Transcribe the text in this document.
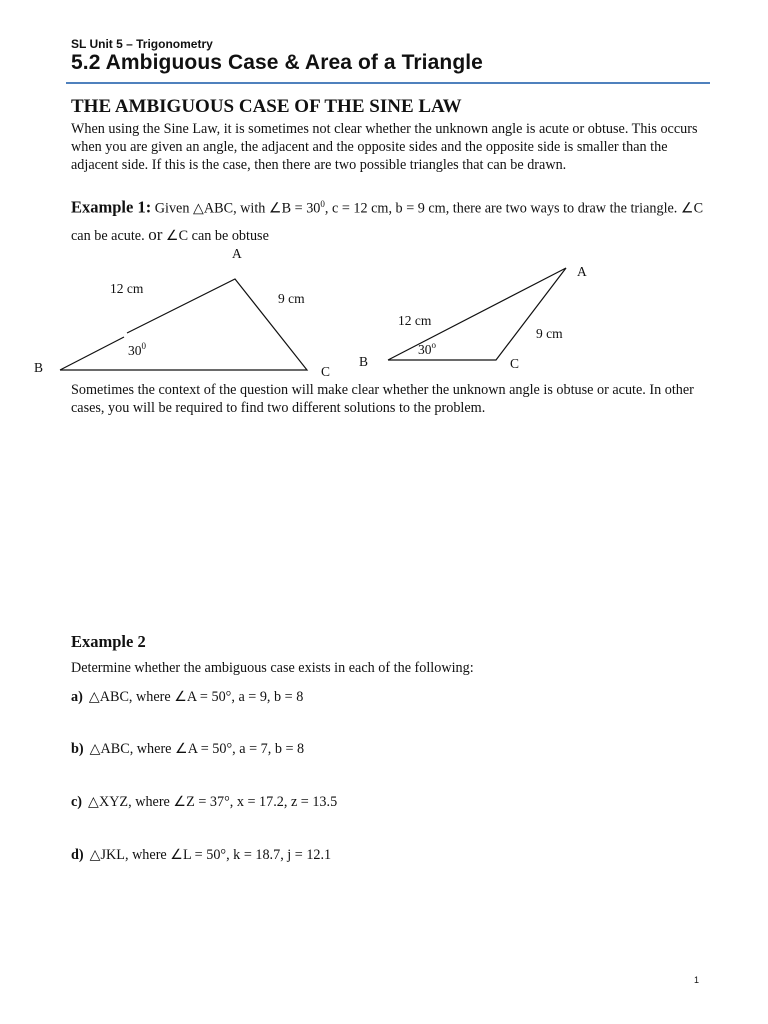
SL Unit 5 – Trigonometry
5.2 Ambiguous Case & Area of a Triangle
THE AMBIGUOUS CASE OF THE SINE LAW
When using the Sine Law, it is sometimes not clear whether the unknown angle is acute or obtuse. This occurs when you are given an angle, the adjacent and the opposite sides and the opposite side is smaller than the adjacent side. If this is the case, then there are two possible triangles that can be drawn.
Example 1: Given △ABC, with ∠B = $30^0$, c = 12 cm, b = 9 cm, there are two ways to draw the triangle. ∠C can be acute. or ∠C can be obtuse
A
B	C
12 cm
9 cm
$30^0$
A
B	C
12 cm
9 cm
30$^o$
Sometimes the context of the question will make clear whether the unknown angle is obtuse or acute. In other cases, you will be required to find two different solutions to the problem.
Example 2
Determine whether the ambiguous case exists in each of the following:
a) △ABC, where ∠A = 50°, a = 9, b = 8
b) △ABC, where ∠A = 50°, a = 7, b = 8
c) △XYZ, where ∠Z = 37°, x = 17.2, z = 13.5
d) △JKL, where ∠L = 50°, k = 18.7, j = 12.1
1
